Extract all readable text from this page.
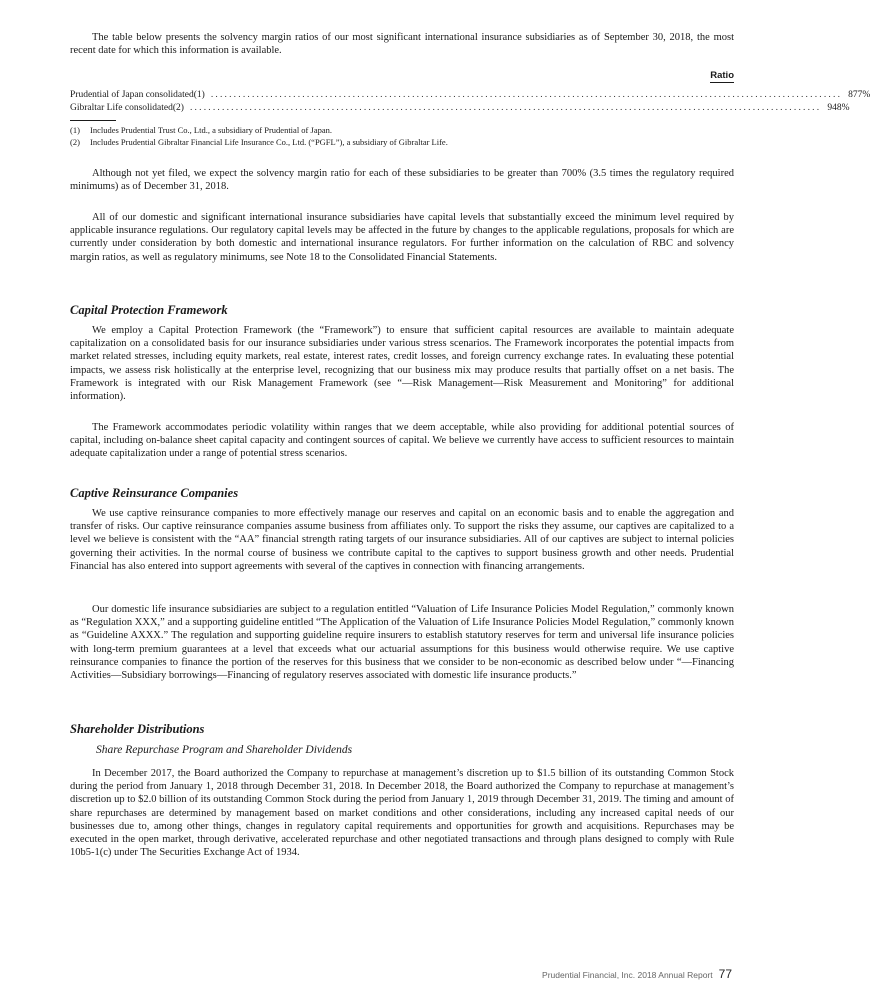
The table below presents the solvency margin ratios of our most significant international insurance subsidiaries as of September 30, 2018, the most recent date for which this information is available.

Ratio
Prudential of Japan consolidated(1) .......................................................................................................................................... 877%
Gibraltar Life consolidated(2) .......................................................................................................................................... 948%
(1) Includes Prudential Trust Co., Ltd., a subsidiary of Prudential of Japan.
(2) Includes Prudential Gibraltar Financial Life Insurance Co., Ltd. (“PGFL”), a subsidiary of Gibraltar Life.

Although not yet filed, we expect the solvency margin ratio for each of these subsidiaries to be greater than 700% (3.5 times the regulatory required minimums) as of December 31, 2018.

All of our domestic and significant international insurance subsidiaries have capital levels that substantially exceed the minimum level required by applicable insurance regulations. Our regulatory capital levels may be affected in the future by changes to the applicable regulations, proposals for which are currently under consideration by both domestic and international insurance regulators. For further information on the calculation of RBC and solvency margin ratios, as well as regulatory minimums, see Note 18 to the Consolidated Financial Statements.

Capital Protection Framework

We employ a Capital Protection Framework (the “Framework”) to ensure that sufficient capital resources are available to maintain adequate capitalization on a consolidated basis for our insurance subsidiaries under various stress scenarios. The Framework incorporates the potential impacts from market related stresses, including equity markets, real estate, interest rates, credit losses, and foreign currency exchange rates. In evaluating these potential impacts, we assess risk holistically at the enterprise level, recognizing that our business mix may produce results that partially offset on a net basis. The Framework is integrated with our Risk Management Framework (see “—Risk Management—Risk Measurement and Monitoring” for additional information).

The Framework accommodates periodic volatility within ranges that we deem acceptable, while also providing for additional potential sources of capital, including on-balance sheet capital capacity and contingent sources of capital. We believe we currently have access to sufficient resources to maintain adequate capitalization under a range of potential stress scenarios.

Captive Reinsurance Companies

We use captive reinsurance companies to more effectively manage our reserves and capital on an economic basis and to enable the aggregation and transfer of risks. Our captive reinsurance companies assume business from affiliates only. To support the risks they assume, our captives are capitalized to a level we believe is consistent with the “AA” financial strength rating targets of our insurance subsidiaries. All of our captives are subject to internal policies governing their activities. In the normal course of business we contribute capital to the captives to support business growth and other needs. Prudential Financial has also entered into support agreements with several of the captives in connection with financing arrangements.

Our domestic life insurance subsidiaries are subject to a regulation entitled “Valuation of Life Insurance Policies Model Regulation,” commonly known as “Regulation XXX,” and a supporting guideline entitled “The Application of the Valuation of Life Insurance Policies Model Regulation,” commonly known as “Guideline AXXX.” The regulation and supporting guideline require insurers to establish statutory reserves for term and universal life insurance policies with long-term premium guarantees at a level that exceeds what our actuarial assumptions for this business would otherwise require. We use captive reinsurance companies to finance the portion of the reserves for this business that we consider to be non-economic as described below under “—Financing Activities—Subsidiary borrowings—Financing of regulatory reserves associated with domestic life insurance products.”

Shareholder Distributions
Share Repurchase Program and Shareholder Dividends

In December 2017, the Board authorized the Company to repurchase at management’s discretion up to $1.5 billion of its outstanding Common Stock during the period from January 1, 2018 through December 31, 2018. In December 2018, the Board authorized the Company to repurchase at management’s discretion up to $2.0 billion of its outstanding Common Stock during the period from January 1, 2019 through December 31, 2019. The timing and amount of share repurchases are determined by management based on market conditions and other considerations, including any increased capital needs of our businesses due to, among other things, changes in regulatory capital requirements and opportunities for growth and acquisitions. Repurchases may be executed in the open market, through derivative, accelerated repurchase and other negotiated transactions and through plans designed to comply with Rule 10b5-1(c) under The Securities Exchange Act of 1934.

Prudential Financial, Inc. 2018 Annual Report 77
